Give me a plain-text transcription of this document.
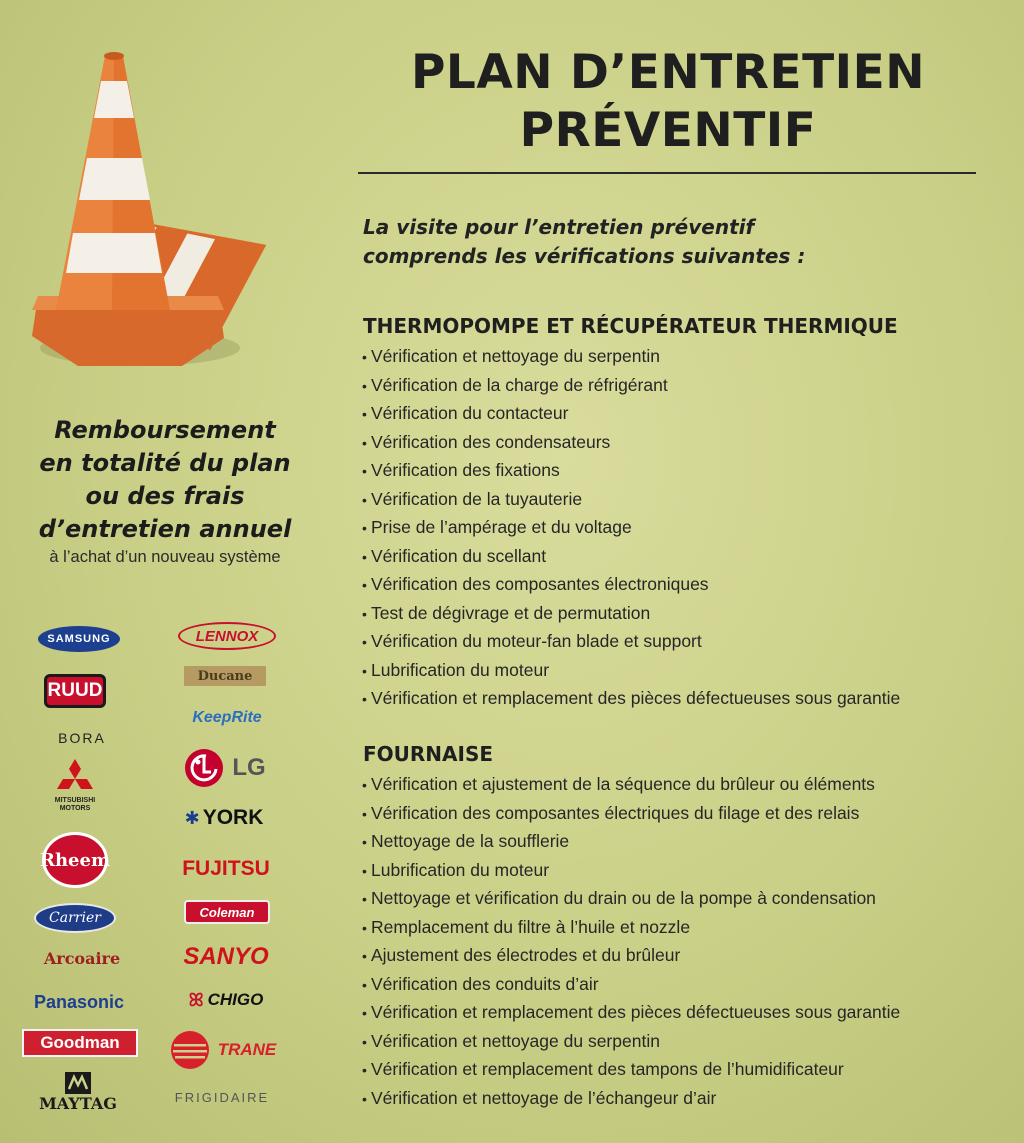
PLAN D’ENTRETIEN
PRÉVENTIF
La visite pour l’entretien préventif
comprends les vérifications suivantes :
THERMOPOMPE ET RÉCUPÉRATEUR THERMIQUE
• Vérification et nettoyage du serpentin
• Vérification de la charge de réfrigérant
• Vérification du contacteur
• Vérification des condensateurs
• Vérification des fixations
• Vérification de la tuyauterie
• Prise de l’ampérage et du voltage
• Vérification du scellant
• Vérification des composantes électroniques
• Test de dégivrage et de permutation
• Vérification du moteur-fan blade et support
• Lubrification du moteur
• Vérification et remplacement des pièces défectueuses sous garantie
FOURNAISE
• Vérification et ajustement de la séquence du brûleur ou éléments
• Vérification des composantes électriques du filage et des relais
• Nettoyage de la soufflerie
• Lubrification du moteur
• Nettoyage et vérification du drain ou de la pompe à condensation
• Remplacement du filtre à l’huile et nozzle
• Ajustement des électrodes et du brûleur
• Vérification des conduits d’air
• Vérification et remplacement des pièces défectueuses sous garantie
• Vérification et nettoyage du serpentin
• Vérification et remplacement des tampons de l’humidificateur
• Vérification et nettoyage de l’échangeur d’air
Remboursement
en totalité du plan
ou des frais
d’entretien annuel
à l’achat d’un nouveau système
SAMSUNG
RUUD
BORA
MITSUBISHI
MOTORS
Rheem
Carrier
Arcoaire
Panasonic
Goodman
MAYTAG
LENNOX
Ducane
KeepRite
LG
✱ YORK
FUJITSU
Coleman
SANYO
ꕤ CHIGO
TRANE
FRIGIDAIRE
